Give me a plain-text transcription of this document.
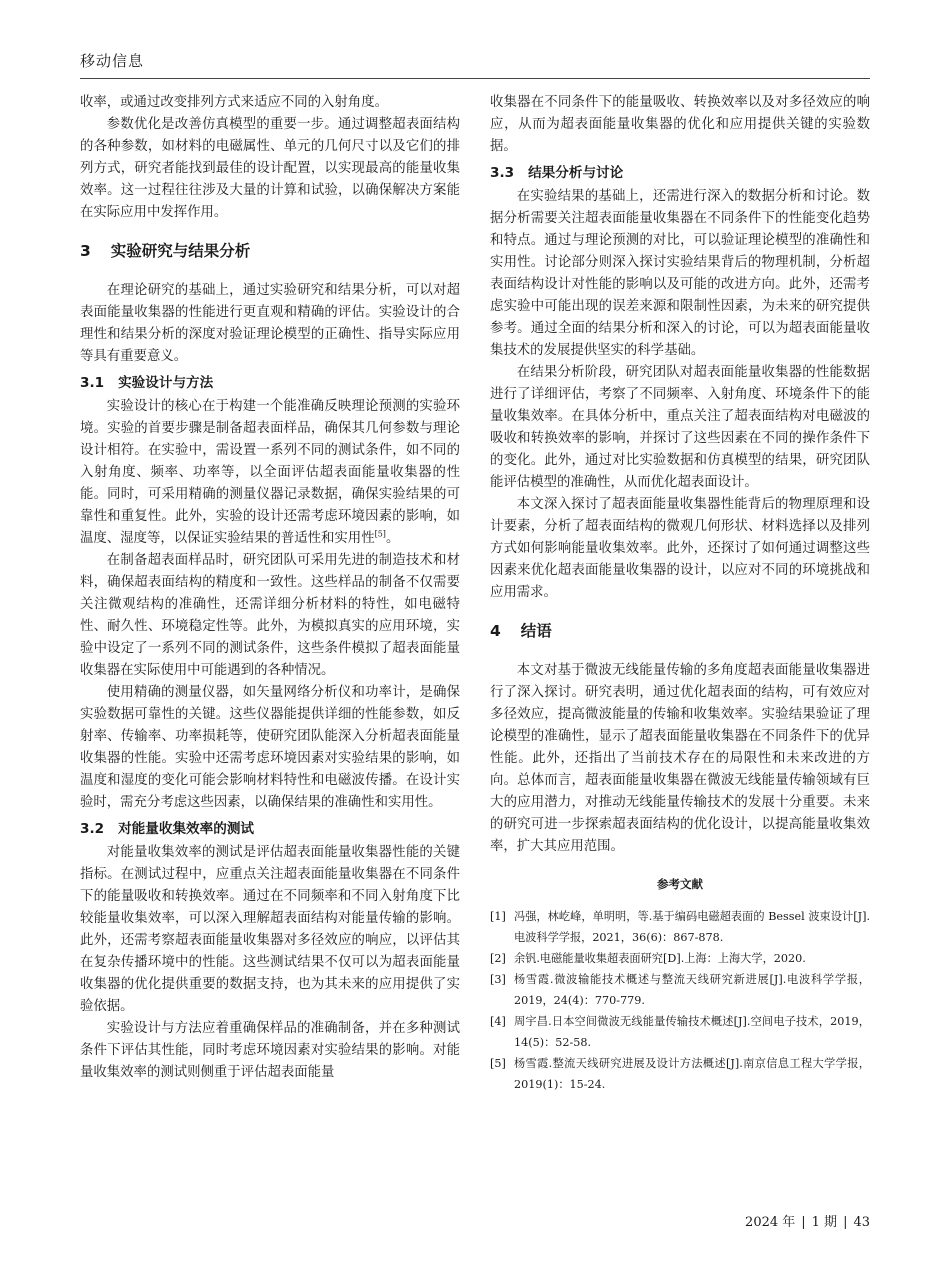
移动信息

收率，或通过改变排列方式来适应不同的入射角度。

参数优化是改善仿真模型的重要一步。通过调整超表面结构的各种参数，如材料的电磁属性、单元的几何尺寸以及它们的排列方式，研究者能找到最佳的设计配置，以实现最高的能量收集效率。这一过程往往涉及大量的计算和试验，以确保解决方案能在实际应用中发挥作用。

3 实验研究与结果分析

在理论研究的基础上，通过实验研究和结果分析，可以对超表面能量收集器的性能进行更直观和精确的评估。实验设计的合理性和结果分析的深度对验证理论模型的正确性、指导实际应用等具有重要意义。

3.1 实验设计与方法

实验设计的核心在于构建一个能准确反映理论预测的实验环境。实验的首要步骤是制备超表面样品，确保其几何参数与理论设计相符。在实验中，需设置一系列不同的测试条件，如不同的入射角度、频率、功率等，以全面评估超表面能量收集器的性能。同时，可采用精确的测量仪器记录数据，确保实验结果的可靠性和重复性。此外，实验的设计还需考虑环境因素的影响，如温度、湿度等，以保证实验结果的普适性和实用性[5]。

在制备超表面样品时，研究团队可采用先进的制造技术和材料，确保超表面结构的精度和一致性。这些样品的制备不仅需要关注微观结构的准确性，还需详细分析材料的特性，如电磁特性、耐久性、环境稳定性等。此外，为模拟真实的应用环境，实验中设定了一系列不同的测试条件，这些条件模拟了超表面能量收集器在实际使用中可能遇到的各种情况。

使用精确的测量仪器，如矢量网络分析仪和功率计，是确保实验数据可靠性的关键。这些仪器能提供详细的性能参数，如反射率、传输率、功率损耗等，使研究团队能深入分析超表面能量收集器的性能。实验中还需考虑环境因素对实验结果的影响，如温度和湿度的变化可能会影响材料特性和电磁波传播。在设计实验时，需充分考虑这些因素，以确保结果的准确性和实用性。

3.2 对能量收集效率的测试

对能量收集效率的测试是评估超表面能量收集器性能的关键指标。在测试过程中，应重点关注超表面能量收集器在不同条件下的能量吸收和转换效率。通过在不同频率和不同入射角度下比较能量收集效率，可以深入理解超表面结构对能量传输的影响。此外，还需考察超表面能量收集器对多径效应的响应，以评估其在复杂传播环境中的性能。这些测试结果不仅可以为超表面能量收集器的优化提供重要的数据支持，也为其未来的应用提供了实验依据。

实验设计与方法应着重确保样品的准确制备，并在多种测试条件下评估其性能，同时考虑环境因素对实验结果的影响。对能量收集效率的测试则侧重于评估超表面能量

收集器在不同条件下的能量吸收、转换效率以及对多径效应的响应，从而为超表面能量收集器的优化和应用提供关键的实验数据。

3.3 结果分析与讨论

在实验结果的基础上，还需进行深入的数据分析和讨论。数据分析需要关注超表面能量收集器在不同条件下的性能变化趋势和特点。通过与理论预测的对比，可以验证理论模型的准确性和实用性。讨论部分则深入探讨实验结果背后的物理机制，分析超表面结构设计对性能的影响以及可能的改进方向。此外，还需考虑实验中可能出现的误差来源和限制性因素，为未来的研究提供参考。通过全面的结果分析和深入的讨论，可以为超表面能量收集技术的发展提供坚实的科学基础。

在结果分析阶段，研究团队对超表面能量收集器的性能数据进行了详细评估，考察了不同频率、入射角度、环境条件下的能量收集效率。在具体分析中，重点关注了超表面结构对电磁波的吸收和转换效率的影响，并探讨了这些因素在不同的操作条件下的变化。此外，通过对比实验数据和仿真模型的结果，研究团队能评估模型的准确性，从而优化超表面设计。

本文深入探讨了超表面能量收集器性能背后的物理原理和设计要素，分析了超表面结构的微观几何形状、材料选择以及排列方式如何影响能量收集效率。此外，还探讨了如何通过调整这些因素来优化超表面能量收集器的设计，以应对不同的环境挑战和应用需求。

4 结语

本文对基于微波无线能量传输的多角度超表面能量收集器进行了深入探讨。研究表明，通过优化超表面的结构，可有效应对多径效应，提高微波能量的传输和收集效率。实验结果验证了理论模型的准确性，显示了超表面能量收集器在不同条件下的优异性能。此外，还指出了当前技术存在的局限性和未来改进的方向。总体而言，超表面能量收集器在微波无线能量传输领域有巨大的应用潜力，对推动无线能量传输技术的发展十分重要。未来的研究可进一步探索超表面结构的优化设计，以提高能量收集效率，扩大其应用范围。

参考文献
[1] 冯强，林屹峰，单明明，等.基于编码电磁超表面的 Bessel 波束设计[J].电波科学学报，2021，36(6)：867-878.
[2] 余钒.电磁能量收集超表面研究[D].上海：上海大学，2020.
[3] 杨雪霞.微波输能技术概述与整流天线研究新进展[J].电波科学学报，2019，24(4)：770-779.
[4] 周宇昌.日本空间微波无线能量传输技术概述[J].空间电子技术，2019，14(5)：52-58.
[5] 杨雪霞.整流天线研究进展及设计方法概述[J].南京信息工程大学学报，2019(1)：15-24.
2024 年 | 1 期 | 43
